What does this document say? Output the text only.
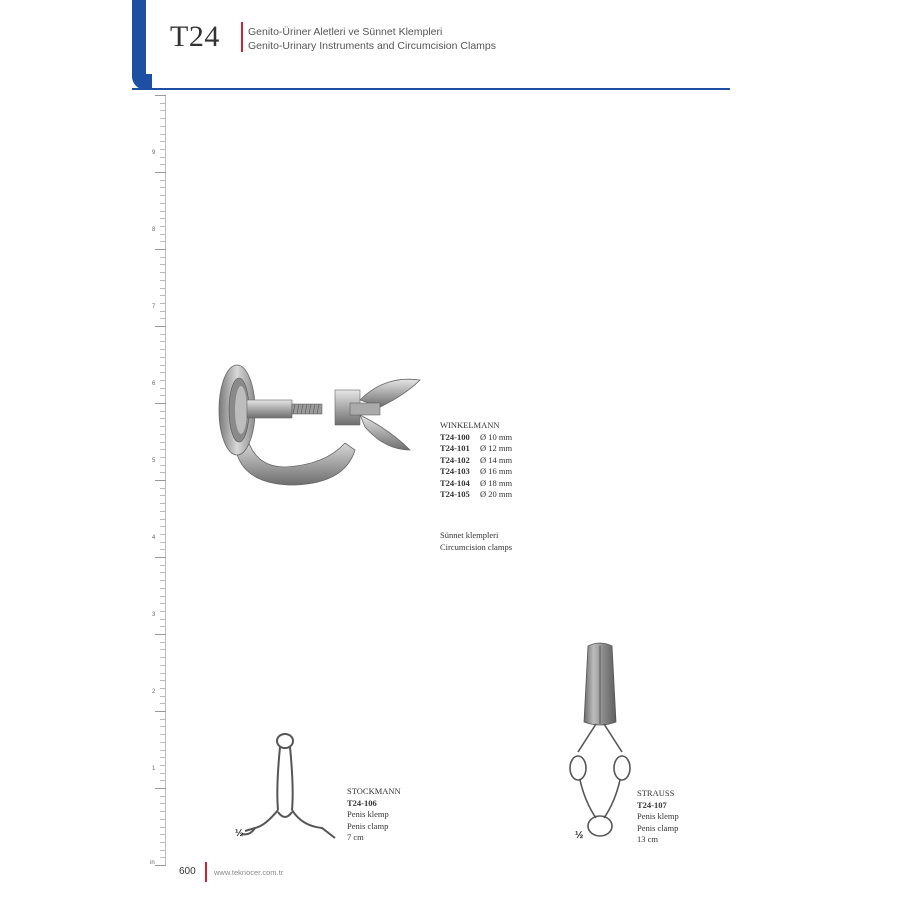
T24	Genito-Üriner Aletleri ve Sünnet Klempleri
Genito-Urinary Instruments and Circumcision Clamps
9
8
7
6
5
4
3
2
1
in
WINKELMANN
T24-100 Ø 10 mm
T24-101 Ø 12 mm
T24-102 Ø 14 mm
T24-103 Ø 16 mm
T24-104 Ø 18 mm
T24-105 Ø 20 mm
Sünnet klempleri
Circumcision clamps
½
STOCKMANN
T24-106
Penis klemp
Penis clamp
7 cm	½
STRAUSS
T24-107
Penis klemp
Penis clamp
13 cm
600 www.teknocer.com.tr
